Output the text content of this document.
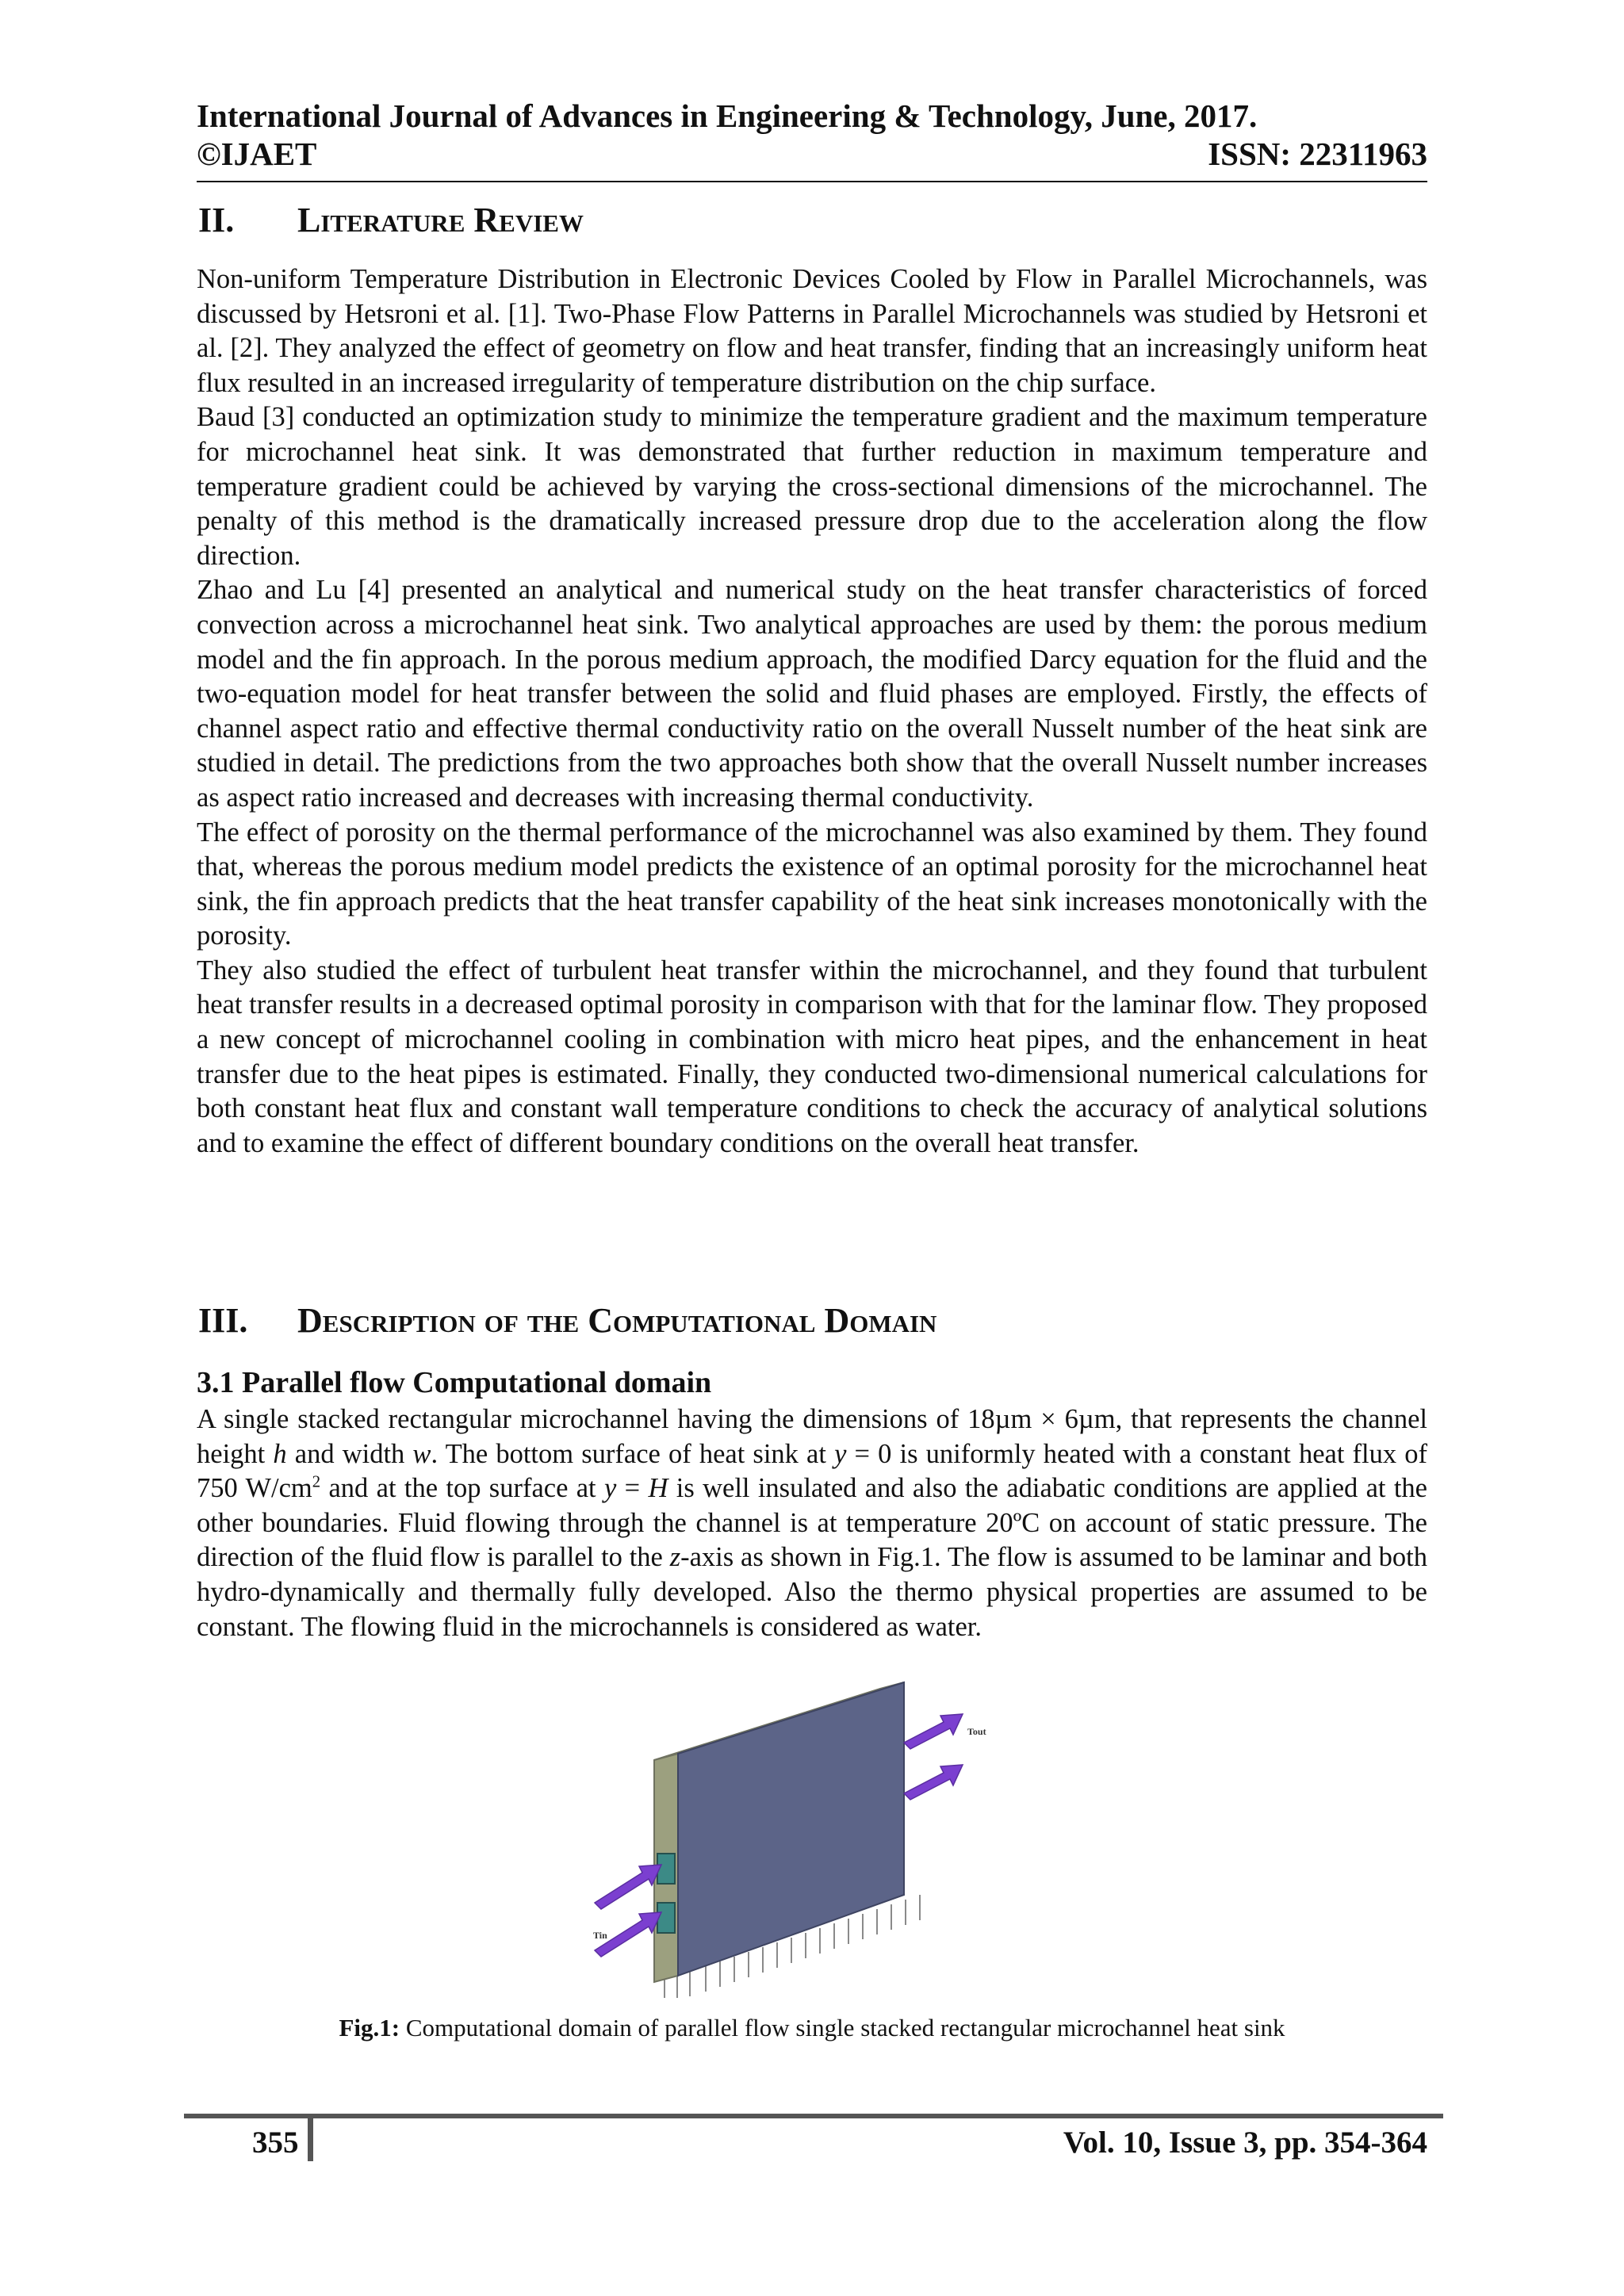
International Journal of Advances in Engineering & Technology, June, 2017.
©IJAET	ISSN: 22311963
II. Literature Review

Non-uniform Temperature Distribution in Electronic Devices Cooled by Flow in Parallel Microchannels, was discussed by Hetsroni et al. [1]. Two-Phase Flow Patterns in Parallel Microchannels was studied by Hetsroni et al. [2]. They analyzed the effect of geometry on flow and heat transfer, finding that an increasingly uniform heat flux resulted in an increased irregularity of temperature distribution on the chip surface.

Baud [3] conducted an optimization study to minimize the temperature gradient and the maximum temperature for microchannel heat sink. It was demonstrated that further reduction in maximum temperature and temperature gradient could be achieved by varying the cross-sectional dimensions of the microchannel. The penalty of this method is the dramatically increased pressure drop due to the acceleration along the flow direction.

Zhao and Lu [4] presented an analytical and numerical study on the heat transfer characteristics of forced convection across a microchannel heat sink. Two analytical approaches are used by them: the porous medium model and the fin approach. In the porous medium approach, the modified Darcy equation for the fluid and the two-equation model for heat transfer between the solid and fluid phases are employed. Firstly, the effects of channel aspect ratio and effective thermal conductivity ratio on the overall Nusselt number of the heat sink are studied in detail. The predictions from the two approaches both show that the overall Nusselt number increases as aspect ratio increased and decreases with increasing thermal conductivity.

The effect of porosity on the thermal performance of the microchannel was also examined by them. They found that, whereas the porous medium model predicts the existence of an optimal porosity for the microchannel heat sink, the fin approach predicts that the heat transfer capability of the heat sink increases monotonically with the porosity.

They also studied the effect of turbulent heat transfer within the microchannel, and they found that turbulent heat transfer results in a decreased optimal porosity in comparison with that for the laminar flow. They proposed a new concept of microchannel cooling in combination with micro heat pipes, and the enhancement in heat transfer due to the heat pipes is estimated. Finally, they conducted two-dimensional numerical calculations for both constant heat flux and constant wall temperature conditions to check the accuracy of analytical solutions and to examine the effect of different boundary conditions on the overall heat transfer.

III. Description of the Computational Domain
3.1 Parallel flow Computational domain

A single stacked rectangular microchannel having the dimensions of 18µm × 6µm, that represents the channel height h and width w. The bottom surface of heat sink at y = 0 is uniformly heated with a constant heat flux of 750 $W/cm^2$ and at the top surface at y = H is well insulated and also the adiabatic conditions are applied at the other boundaries. Fluid flowing through the channel is at temperature 20ºC on account of static pressure. The direction of the fluid flow is parallel to the z-axis as shown in Fig.1. The flow is assumed to be laminar and both hydro-dynamically and thermally fully developed. Also the thermo physical properties are assumed to be constant. The flowing fluid in the microchannels is considered as water.

Tin
Tout
Fig.1: Computational domain of parallel flow single stacked rectangular microchannel heat sink
355	Vol. 10, Issue 3, pp. 354-364
